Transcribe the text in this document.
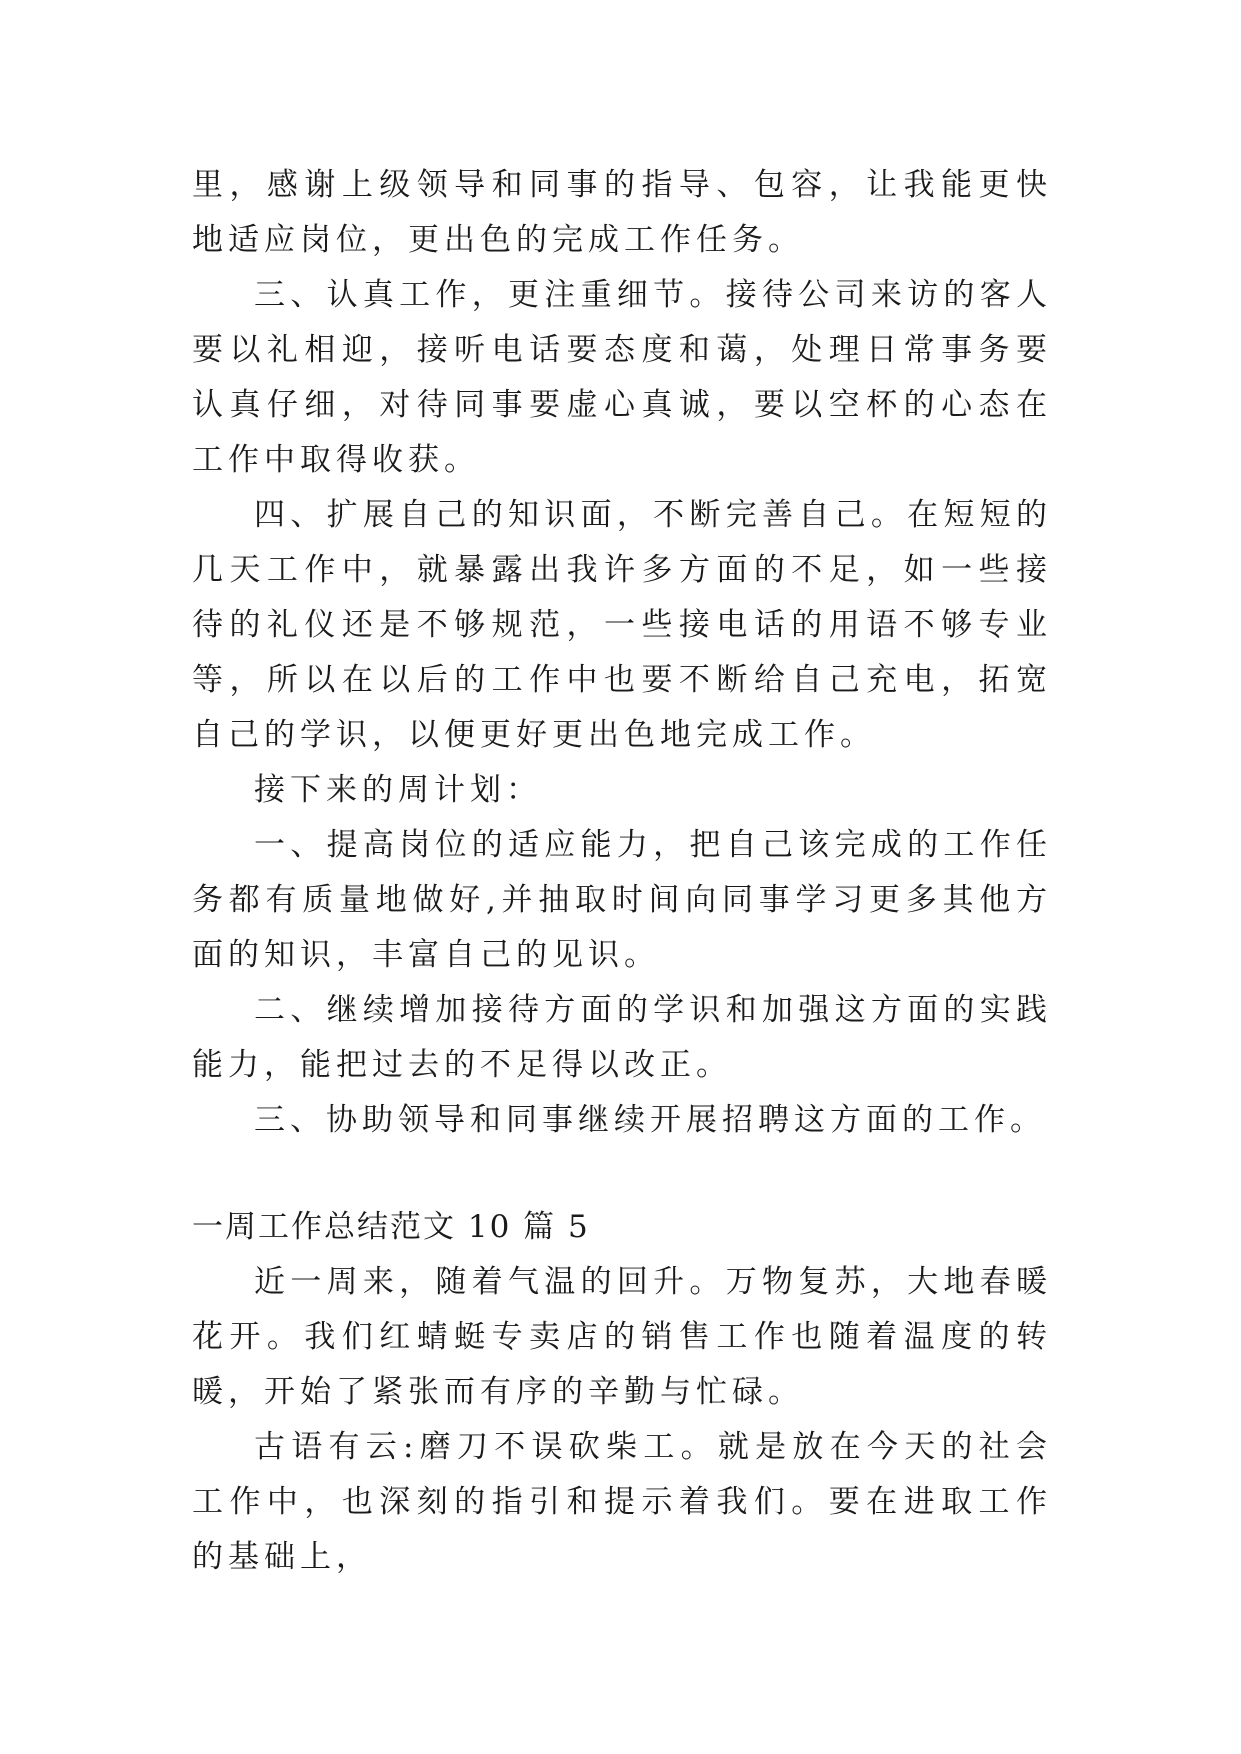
里，感谢上级领导和同事的指导、包容，让我能更快地适应岗位，更出色的完成工作任务。

三、认真工作，更注重细节。接待公司来访的客人要以礼相迎，接听电话要态度和蔼，处理日常事务要认真仔细，对待同事要虚心真诚，要以空杯的心态在工作中取得收获。

四、扩展自己的知识面，不断完善自己。在短短的几天工作中，就暴露出我许多方面的不足，如一些接待的礼仪还是不够规范，一些接电话的用语不够专业等，所以在以后的工作中也要不断给自己充电，拓宽自己的学识，以便更好更出色地完成工作。

接下来的周计划：

一、提高岗位的适应能力，把自己该完成的工作任务都有质量地做好,并抽取时间向同事学习更多其他方面的知识，丰富自己的见识。

二、继续增加接待方面的学识和加强这方面的实践能力，能把过去的不足得以改正。

三、协助领导和同事继续开展招聘这方面的工作。

一周工作总结范文 10 篇 5

近一周来，随着气温的回升。万物复苏，大地春暖花开。我们红蜻蜓专卖店的销售工作也随着温度的转暖，开始了紧张而有序的辛勤与忙碌。

古语有云:磨刀不误砍柴工。就是放在今天的社会工作中，也深刻的指引和提示着我们。要在进取工作的基础上，
